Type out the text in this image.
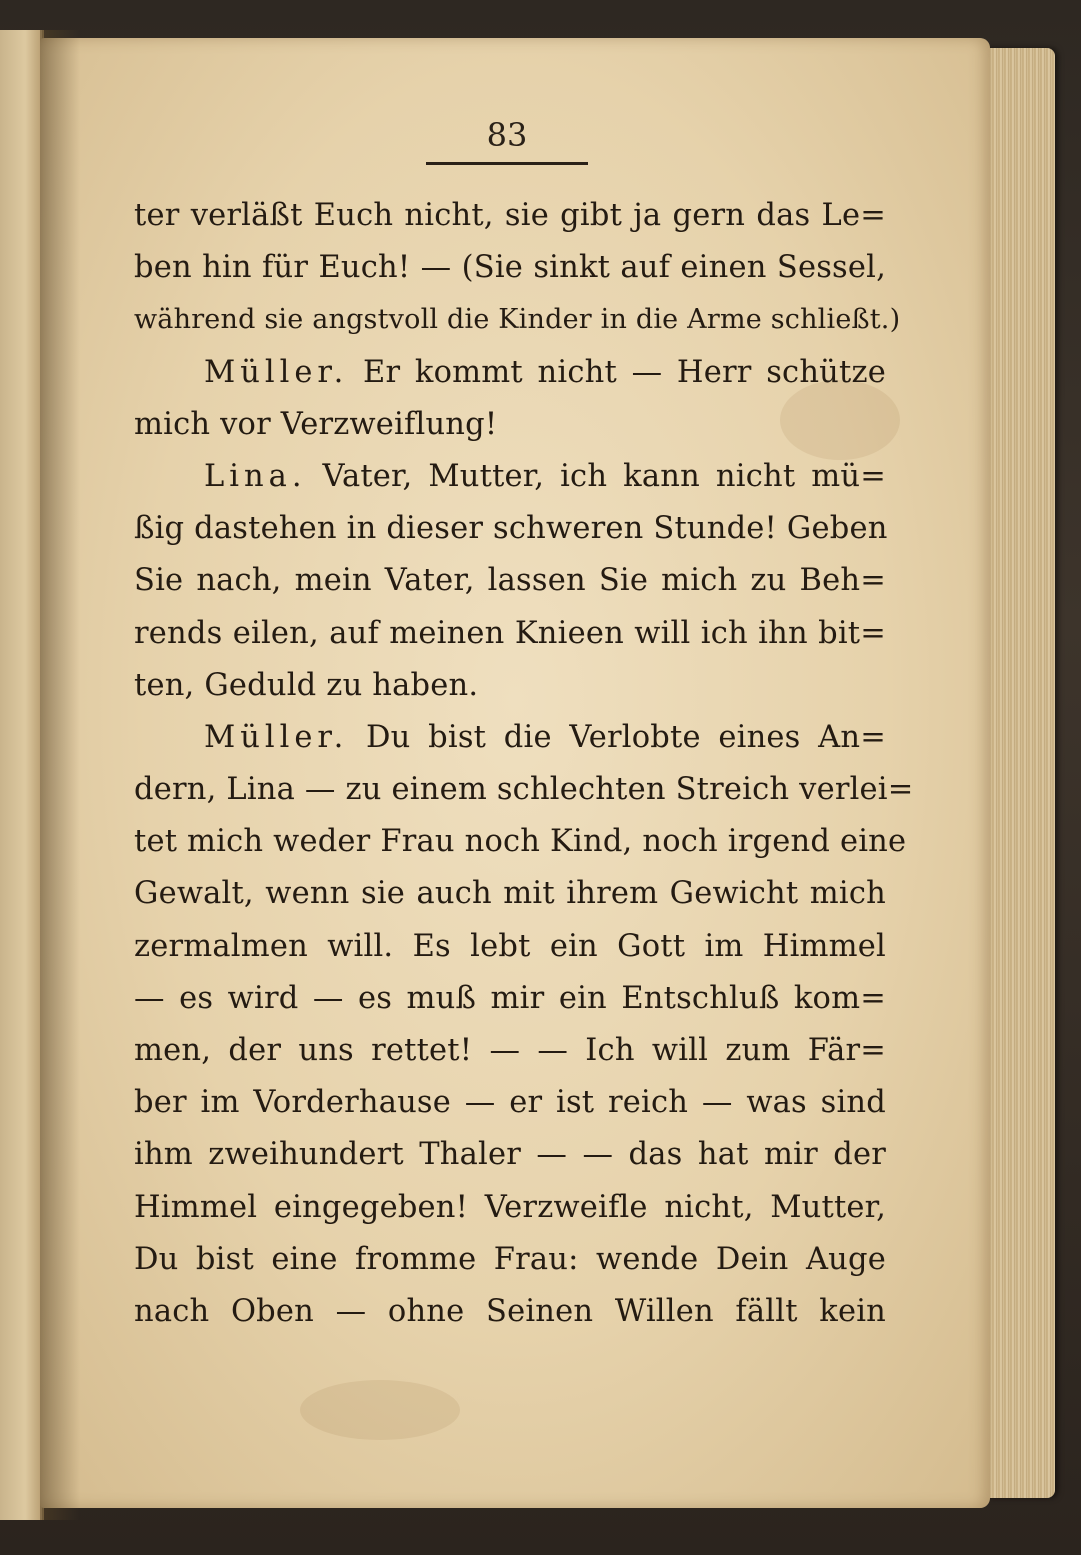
83
ter verläßt Euch nicht, sie gibt ja gern das Le=
ben hin für Euch! — (Sie sinkt auf einen Sessel,
während sie angstvoll die Kinder in die Arme schließt.)
Müller. Er kommt nicht — Herr schütze
mich vor Verzweiflung!
Lina. Vater, Mutter, ich kann nicht mü=
ßig dastehen in dieser schweren Stunde! Geben
Sie nach, mein Vater, lassen Sie mich zu Beh=
rends eilen, auf meinen Knieen will ich ihn bit=
ten, Geduld zu haben.
Müller. Du bist die Verlobte eines An=
dern, Lina — zu einem schlechten Streich verlei=
tet mich weder Frau noch Kind, noch irgend eine
Gewalt, wenn sie auch mit ihrem Gewicht mich
zermalmen will. Es lebt ein Gott im Himmel
— es wird — es muß mir ein Entschluß kom=
men, der uns rettet! — — Ich will zum Fär=
ber im Vorderhause — er ist reich — was sind
ihm zweihundert Thaler — — das hat mir der
Himmel eingegeben! Verzweifle nicht, Mutter,
Du bist eine fromme Frau: wende Dein Auge
nach Oben — ohne Seinen Willen fällt kein
